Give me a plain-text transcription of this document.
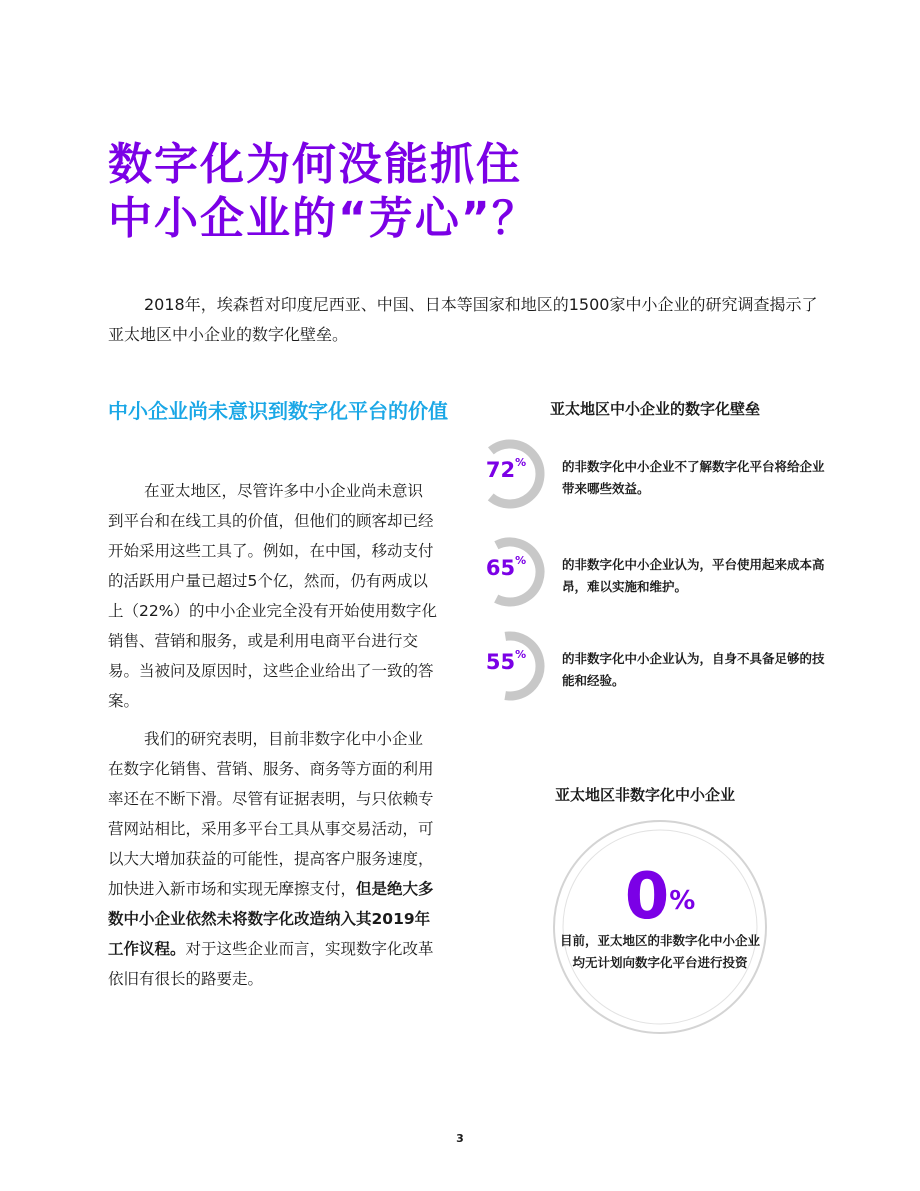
数字化为何没能抓住
中小企业的“芳心”？
2018年，埃森哲对印度尼西亚、中国、日本等国家和地区的1500家中小企业的研究调查揭示了亚太地区中小企业的数字化壁垒。
中小企业尚未意识到数字化平台的价值
在亚太地区，尽管许多中小企业尚未意识到平台和在线工具的价值，但他们的顾客却已经开始采用这些工具了。例如，在中国，移动支付的活跃用户量已超过5个亿，然而，仍有两成以上（22%）的中小企业完全没有开始使用数字化销售、营销和服务，或是利用电商平台进行交易。当被问及原因时，这些企业给出了一致的答案。
我们的研究表明，目前非数字化中小企业在数字化销售、营销、服务、商务等方面的利用率还在不断下滑。尽管有证据表明，与只依赖专营网站相比，采用多平台工具从事交易活动，可以大大增加获益的可能性，提高客户服务速度，加快进入新市场和实现无摩擦支付，但是绝大多数中小企业依然未将数字化改造纳入其2019年工作议程。对于这些企业而言，实现数字化改革依旧有很长的路要走。
亚太地区中小企业的数字化壁垒
72%	的非数字化中小企业不了解数字化平台将给企业带来哪些效益。
65%	的非数字化中小企业认为，平台使用起来成本高昂，难以实施和维护。
55%	的非数字化中小企业认为，自身不具备足够的技能和经验。
亚太地区非数字化中小企业
0%
目前，亚太地区的非数字化中小企业均无计划向数字化平台进行投资
3
